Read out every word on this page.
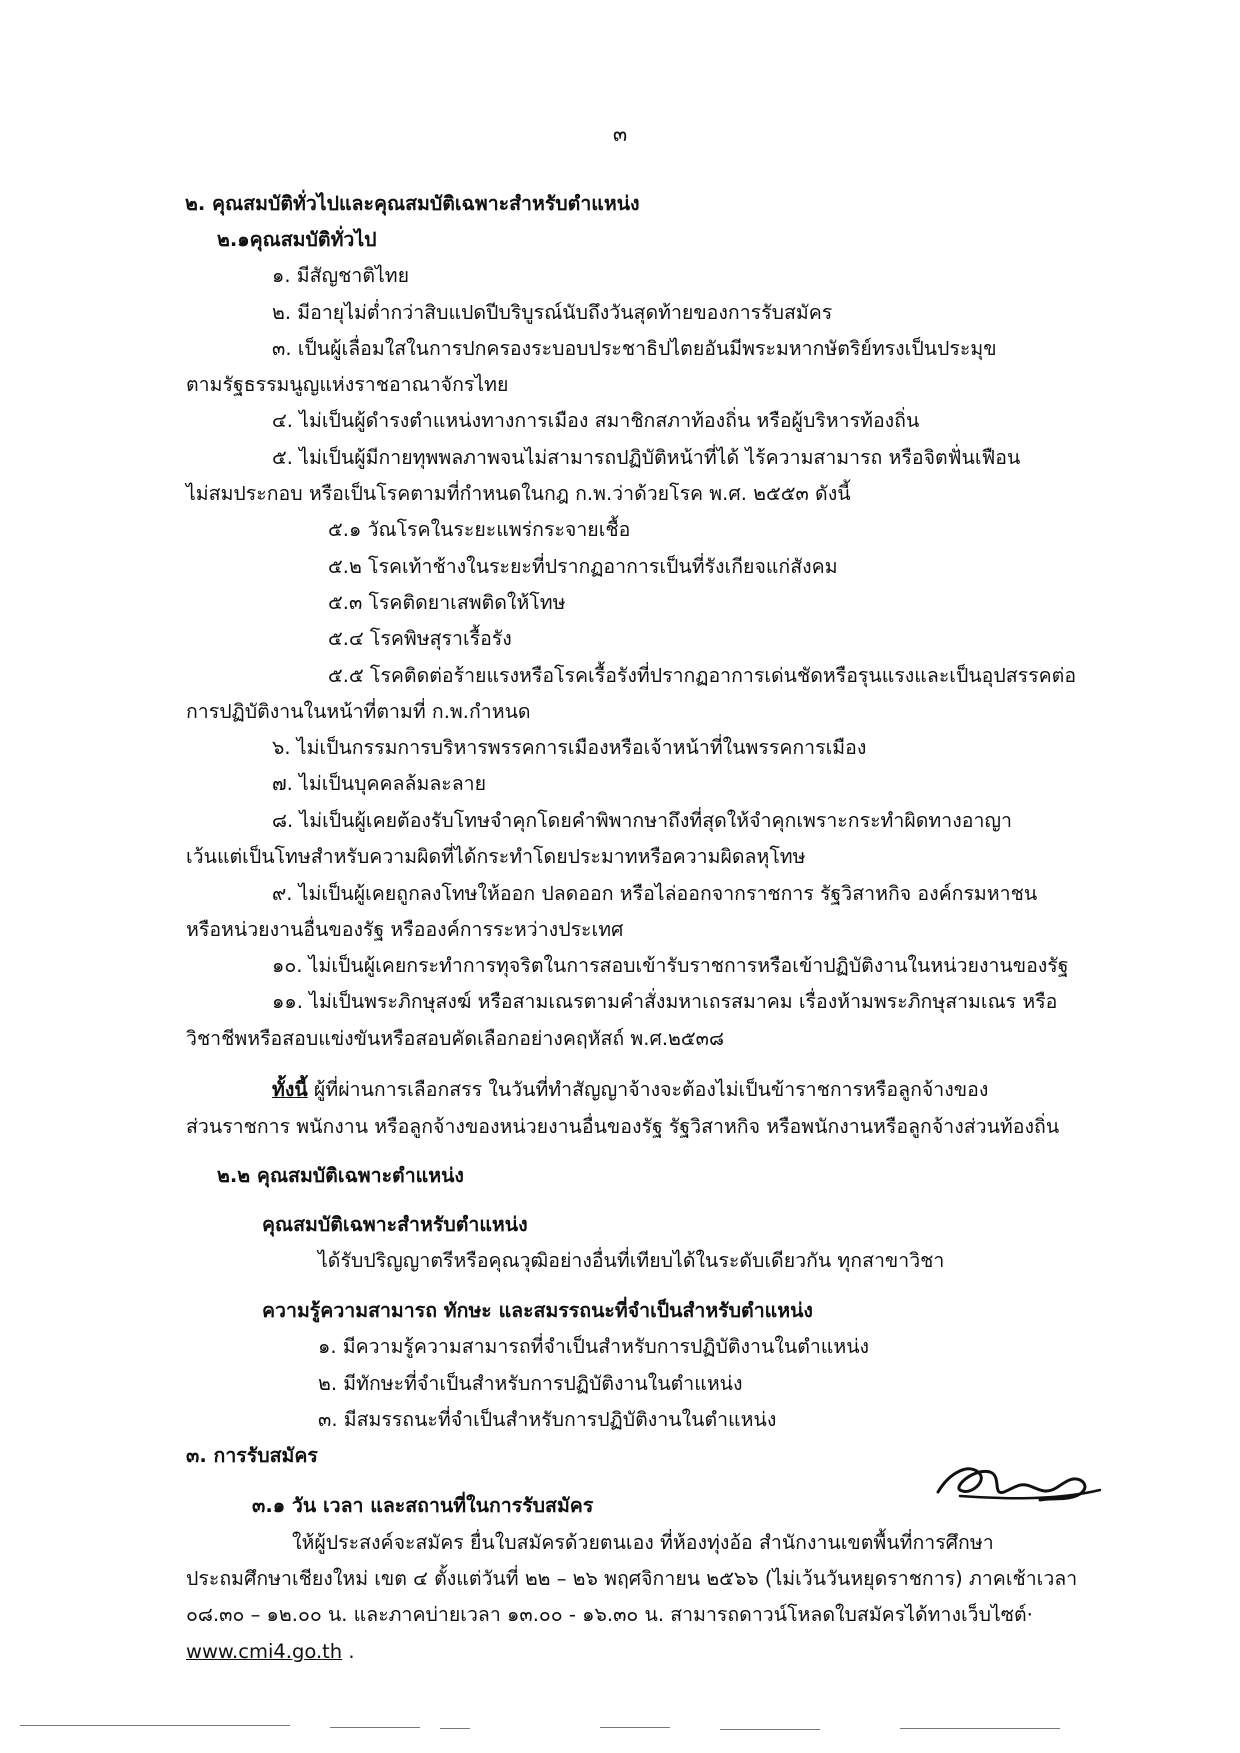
๓
๒. คุณสมบัติทั่วไปและคุณสมบัติเฉพาะสำหรับตำแหน่ง
๒.๑คุณสมบัติทั่วไป
๑. มีสัญชาติไทย
๒. มีอายุไม่ต่ำกว่าสิบแปดปีบริบูรณ์นับถึงวันสุดท้ายของการรับสมัคร
๓. เป็นผู้เลื่อมใสในการปกครองระบอบประชาธิปไตยอันมีพระมหากษัตริย์ทรงเป็นประมุข
ตามรัฐธรรมนูญแห่งราชอาณาจักรไทย
๔. ไม่เป็นผู้ดำรงตำแหน่งทางการเมือง สมาชิกสภาท้องถิ่น หรือผู้บริหารท้องถิ่น
๕. ไม่เป็นผู้มีกายทุพพลภาพจนไม่สามารถปฏิบัติหน้าที่ได้ ไร้ความสามารถ หรือจิตฟั่นเฟือน
ไม่สมประกอบ หรือเป็นโรคตามที่กำหนดในกฎ ก.พ.ว่าด้วยโรค พ.ศ. ๒๕๕๓ ดังนี้
๕.๑ วัณโรคในระยะแพร่กระจายเชื้อ
๕.๒ โรคเท้าช้างในระยะที่ปรากฏอาการเป็นที่รังเกียจแก่สังคม
๕.๓ โรคติดยาเสพติดให้โทษ
๕.๔ โรคพิษสุราเรื้อรัง
๕.๕ โรคติดต่อร้ายแรงหรือโรคเรื้อรังที่ปรากฏอาการเด่นชัดหรือรุนแรงและเป็นอุปสรรคต่อ
การปฏิบัติงานในหน้าที่ตามที่ ก.พ.กำหนด
๖. ไม่เป็นกรรมการบริหารพรรคการเมืองหรือเจ้าหน้าที่ในพรรคการเมือง
๗. ไม่เป็นบุคคลล้มละลาย
๘. ไม่เป็นผู้เคยต้องรับโทษจำคุกโดยคำพิพากษาถึงที่สุดให้จำคุกเพราะกระทำผิดทางอาญา
เว้นแต่เป็นโทษสำหรับความผิดที่ได้กระทำโดยประมาทหรือความผิดลหุโทษ
๙. ไม่เป็นผู้เคยถูกลงโทษให้ออก ปลดออก หรือไล่ออกจากราชการ รัฐวิสาหกิจ องค์กรมหาชน
หรือหน่วยงานอื่นของรัฐ หรือองค์การระหว่างประเทศ
๑๐. ไม่เป็นผู้เคยกระทำการทุจริตในการสอบเข้ารับราชการหรือเข้าปฏิบัติงานในหน่วยงานของรัฐ
๑๑. ไม่เป็นพระภิกษุสงฆ์ หรือสามเณรตามคำสั่งมหาเถรสมาคม เรื่องห้ามพระภิกษุสามเณร หรือ
วิชาชีพหรือสอบแข่งขันหรือสอบคัดเลือกอย่างคฤหัสถ์ พ.ศ.๒๕๓๘
ทั้งนี้ ผู้ที่ผ่านการเลือกสรร ในวันที่ทำสัญญาจ้างจะต้องไม่เป็นข้าราชการหรือลูกจ้างของ
ส่วนราชการ พนักงาน หรือลูกจ้างของหน่วยงานอื่นของรัฐ รัฐวิสาหกิจ หรือพนักงานหรือลูกจ้างส่วนท้องถิ่น
๒.๒ คุณสมบัติเฉพาะตำแหน่ง
คุณสมบัติเฉพาะสำหรับตำแหน่ง
ได้รับปริญญาตรีหรือคุณวุฒิอย่างอื่นที่เทียบได้ในระดับเดียวกัน ทุกสาขาวิชา
ความรู้ความสามารถ ทักษะ และสมรรถนะที่จำเป็นสำหรับตำแหน่ง
๑. มีความรู้ความสามารถที่จำเป็นสำหรับการปฏิบัติงานในตำแหน่ง
๒. มีทักษะที่จำเป็นสำหรับการปฏิบัติงานในตำแหน่ง
๓. มีสมรรถนะที่จำเป็นสำหรับการปฏิบัติงานในตำแหน่ง
๓. การรับสมัคร
๓.๑ วัน เวลา และสถานที่ในการรับสมัคร
ให้ผู้ประสงค์จะสมัคร ยื่นใบสมัครด้วยตนเอง ที่ห้องทุ่งอ้อ สำนักงานเขตพื้นที่การศึกษา
ประถมศึกษาเชียงใหม่ เขต ๔ ตั้งแต่วันที่ ๒๒ – ๒๖ พฤศจิกายน ๒๕๖๖ (ไม่เว้นวันหยุดราชการ) ภาคเช้าเวลา
๐๘.๓๐ – ๑๒.๐๐ น. และภาคบ่ายเวลา ๑๓.๐๐ - ๑๖.๓๐ น. สามารถดาวน์โหลดใบสมัครได้ทางเว็บไซต์·
www.cmi4.go.th .
